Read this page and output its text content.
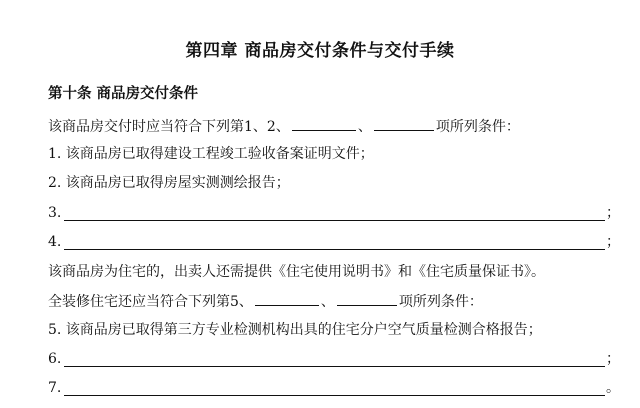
第四章 商品房交付条件与交付手续
第十条 商品房交付条件
该商品房交付时应当符合下列第1、2、	、	项所列条件：
1. 该商品房已取得建设工程竣工验收备案证明文件；
2. 该商品房已取得房屋实测测绘报告；
3.	；
4.	；
该商品房为住宅的，出卖人还需提供《住宅使用说明书》和《住宅质量保证书》。
全装修住宅还应当符合下列第5、	、	项所列条件：
5. 该商品房已取得第三方专业检测机构出具的住宅分户空气质量检测合格报告；
6.	；
7.	。
